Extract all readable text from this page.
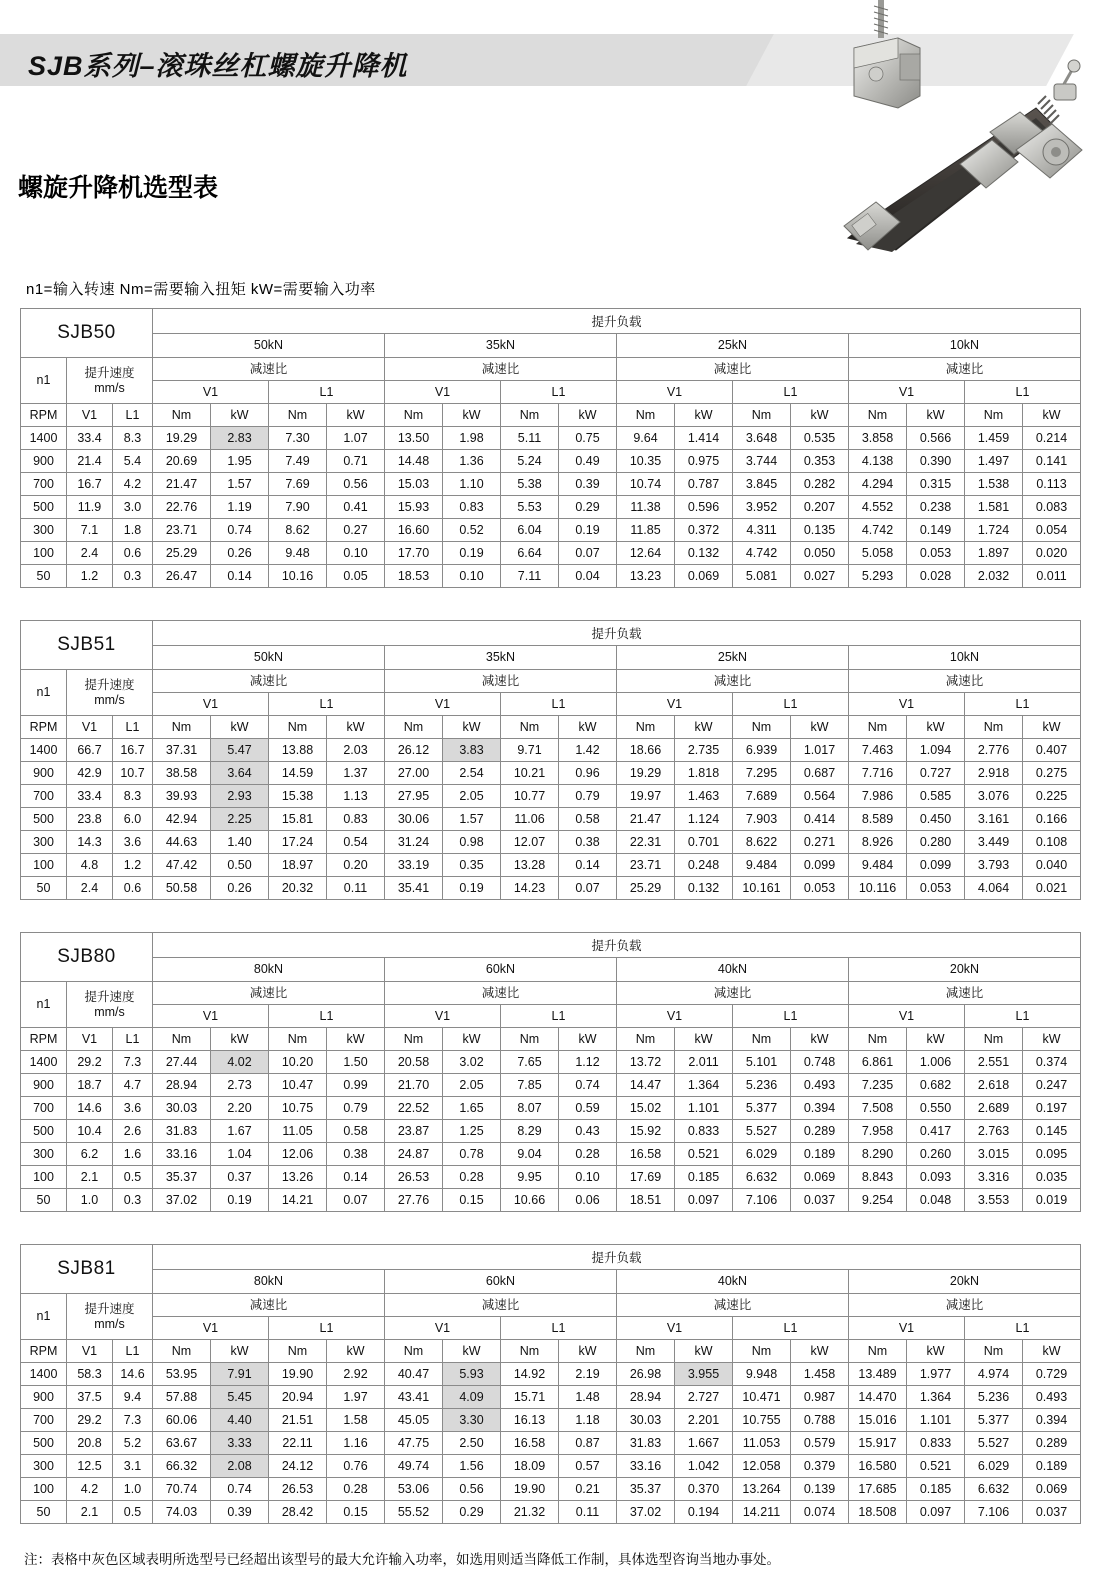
SJB系列–滚珠丝杠螺旋升降机
螺旋升降机选型表
n1=输入转速 Nm=需要输入扭矩 kW=需要输入功率
SJB50			提升负载															
			50kN				35kN				25kN				10kN			
n1	提升速度
mm/s		减速比				减速比				减速比				减速比			
			V1		L1		V1		L1		V1		L1		V1		L1	
RPM	V1	L1	Nm	kW	Nm	kW	Nm	kW	Nm	kW	Nm	kW	Nm	kW	Nm	kW	Nm	kW
1400	33.4	8.3	19.29	2.83	7.30	1.07	13.50	1.98	5.11	0.75	9.64	1.414	3.648	0.535	3.858	0.566	1.459	0.214
900	21.4	5.4	20.69	1.95	7.49	0.71	14.48	1.36	5.24	0.49	10.35	0.975	3.744	0.353	4.138	0.390	1.497	0.141
700	16.7	4.2	21.47	1.57	7.69	0.56	15.03	1.10	5.38	0.39	10.74	0.787	3.845	0.282	4.294	0.315	1.538	0.113
500	11.9	3.0	22.76	1.19	7.90	0.41	15.93	0.83	5.53	0.29	11.38	0.596	3.952	0.207	4.552	0.238	1.581	0.083
300	7.1	1.8	23.71	0.74	8.62	0.27	16.60	0.52	6.04	0.19	11.85	0.372	4.311	0.135	4.742	0.149	1.724	0.054
100	2.4	0.6	25.29	0.26	9.48	0.10	17.70	0.19	6.64	0.07	12.64	0.132	4.742	0.050	5.058	0.053	1.897	0.020
50	1.2	0.3	26.47	0.14	10.16	0.05	18.53	0.10	7.11	0.04	13.23	0.069	5.081	0.027	5.293	0.028	2.032	0.011
SJB51			提升负载															
			50kN				35kN				25kN				10kN			
n1	提升速度
mm/s		减速比				减速比				减速比				减速比			
			V1		L1		V1		L1		V1		L1		V1		L1	
RPM	V1	L1	Nm	kW	Nm	kW	Nm	kW	Nm	kW	Nm	kW	Nm	kW	Nm	kW	Nm	kW
1400	66.7	16.7	37.31	5.47	13.88	2.03	26.12	3.83	9.71	1.42	18.66	2.735	6.939	1.017	7.463	1.094	2.776	0.407
900	42.9	10.7	38.58	3.64	14.59	1.37	27.00	2.54	10.21	0.96	19.29	1.818	7.295	0.687	7.716	0.727	2.918	0.275
700	33.4	8.3	39.93	2.93	15.38	1.13	27.95	2.05	10.77	0.79	19.97	1.463	7.689	0.564	7.986	0.585	3.076	0.225
500	23.8	6.0	42.94	2.25	15.81	0.83	30.06	1.57	11.06	0.58	21.47	1.124	7.903	0.414	8.589	0.450	3.161	0.166
300	14.3	3.6	44.63	1.40	17.24	0.54	31.24	0.98	12.07	0.38	22.31	0.701	8.622	0.271	8.926	0.280	3.449	0.108
100	4.8	1.2	47.42	0.50	18.97	0.20	33.19	0.35	13.28	0.14	23.71	0.248	9.484	0.099	9.484	0.099	3.793	0.040
50	2.4	0.6	50.58	0.26	20.32	0.11	35.41	0.19	14.23	0.07	25.29	0.132	10.161	0.053	10.116	0.053	4.064	0.021
SJB80			提升负载															
			80kN				60kN				40kN				20kN			
n1	提升速度
mm/s		减速比				减速比				减速比				减速比			
			V1		L1		V1		L1		V1		L1		V1		L1	
RPM	V1	L1	Nm	kW	Nm	kW	Nm	kW	Nm	kW	Nm	kW	Nm	kW	Nm	kW	Nm	kW
1400	29.2	7.3	27.44	4.02	10.20	1.50	20.58	3.02	7.65	1.12	13.72	2.011	5.101	0.748	6.861	1.006	2.551	0.374
900	18.7	4.7	28.94	2.73	10.47	0.99	21.70	2.05	7.85	0.74	14.47	1.364	5.236	0.493	7.235	0.682	2.618	0.247
700	14.6	3.6	30.03	2.20	10.75	0.79	22.52	1.65	8.07	0.59	15.02	1.101	5.377	0.394	7.508	0.550	2.689	0.197
500	10.4	2.6	31.83	1.67	11.05	0.58	23.87	1.25	8.29	0.43	15.92	0.833	5.527	0.289	7.958	0.417	2.763	0.145
300	6.2	1.6	33.16	1.04	12.06	0.38	24.87	0.78	9.04	0.28	16.58	0.521	6.029	0.189	8.290	0.260	3.015	0.095
100	2.1	0.5	35.37	0.37	13.26	0.14	26.53	0.28	9.95	0.10	17.69	0.185	6.632	0.069	8.843	0.093	3.316	0.035
50	1.0	0.3	37.02	0.19	14.21	0.07	27.76	0.15	10.66	0.06	18.51	0.097	7.106	0.037	9.254	0.048	3.553	0.019
SJB81			提升负载															
			80kN				60kN				40kN				20kN			
n1	提升速度
mm/s		减速比				减速比				减速比				减速比			
			V1		L1		V1		L1		V1		L1		V1		L1	
RPM	V1	L1	Nm	kW	Nm	kW	Nm	kW	Nm	kW	Nm	kW	Nm	kW	Nm	kW	Nm	kW
1400	58.3	14.6	53.95	7.91	19.90	2.92	40.47	5.93	14.92	2.19	26.98	3.955	9.948	1.458	13.489	1.977	4.974	0.729
900	37.5	9.4	57.88	5.45	20.94	1.97	43.41	4.09	15.71	1.48	28.94	2.727	10.471	0.987	14.470	1.364	5.236	0.493
700	29.2	7.3	60.06	4.40	21.51	1.58	45.05	3.30	16.13	1.18	30.03	2.201	10.755	0.788	15.016	1.101	5.377	0.394
500	20.8	5.2	63.67	3.33	22.11	1.16	47.75	2.50	16.58	0.87	31.83	1.667	11.053	0.579	15.917	0.833	5.527	0.289
300	12.5	3.1	66.32	2.08	24.12	0.76	49.74	1.56	18.09	0.57	33.16	1.042	12.058	0.379	16.580	0.521	6.029	0.189
100	4.2	1.0	70.74	0.74	26.53	0.28	53.06	0.56	19.90	0.21	35.37	0.370	13.264	0.139	17.685	0.185	6.632	0.069
50	2.1	0.5	74.03	0.39	28.42	0.15	55.52	0.29	21.32	0.11	37.02	0.194	14.211	0.074	18.508	0.097	7.106	0.037
注：表格中灰色区域表明所选型号已经超出该型号的最大允许输入功率，如选用则适当降低工作制，具体选型咨询当地办事处。
